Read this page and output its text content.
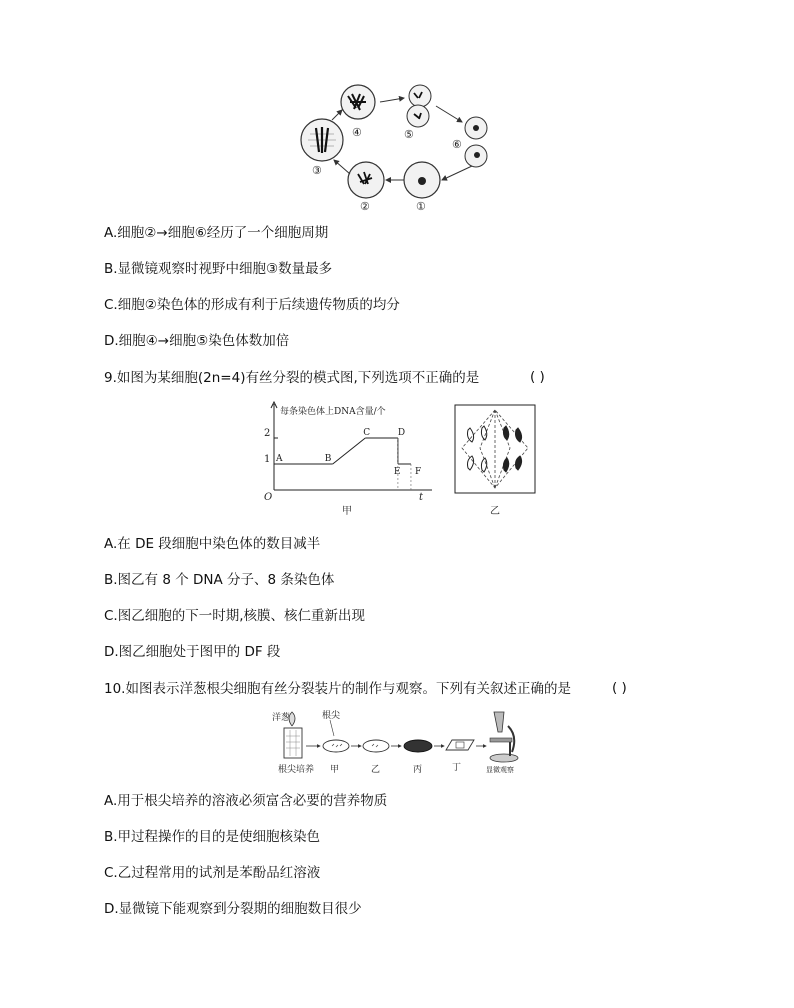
④	⑤
⑥
①
②
③
A.细胞②→细胞⑥经历了一个细胞周期
B.显微镜观察时视野中细胞③数量最多
C.细胞②染色体的形成有利于后续遗传物质的均分
D.细胞④→细胞⑤染色体数加倍
9.如图为某细胞(2n=4)有丝分裂的模式图,下列选项不正确的是	( )
每条染色体上DNA含量/个
O	t
1
2
A	B
C	D
E F
甲	乙
A.在 DE 段细胞中染色体的数目减半
B.图乙有 8 个 DNA 分子、8 条染色体
C.图乙细胞的下一时期,核膜、核仁重新出现
D.图乙细胞处于图甲的 DF 段
10.如图表示洋葱根尖细胞有丝分裂装片的制作与观察。下列有关叙述正确的是	( )
洋葱	根尖
根尖培养 甲	乙	丙	丁	显微观察
A.用于根尖培养的溶液必须富含必要的营养物质
B.甲过程操作的目的是使细胞核染色
C.乙过程常用的试剂是苯酚品红溶液
D.显微镜下能观察到分裂期的细胞数目很少
